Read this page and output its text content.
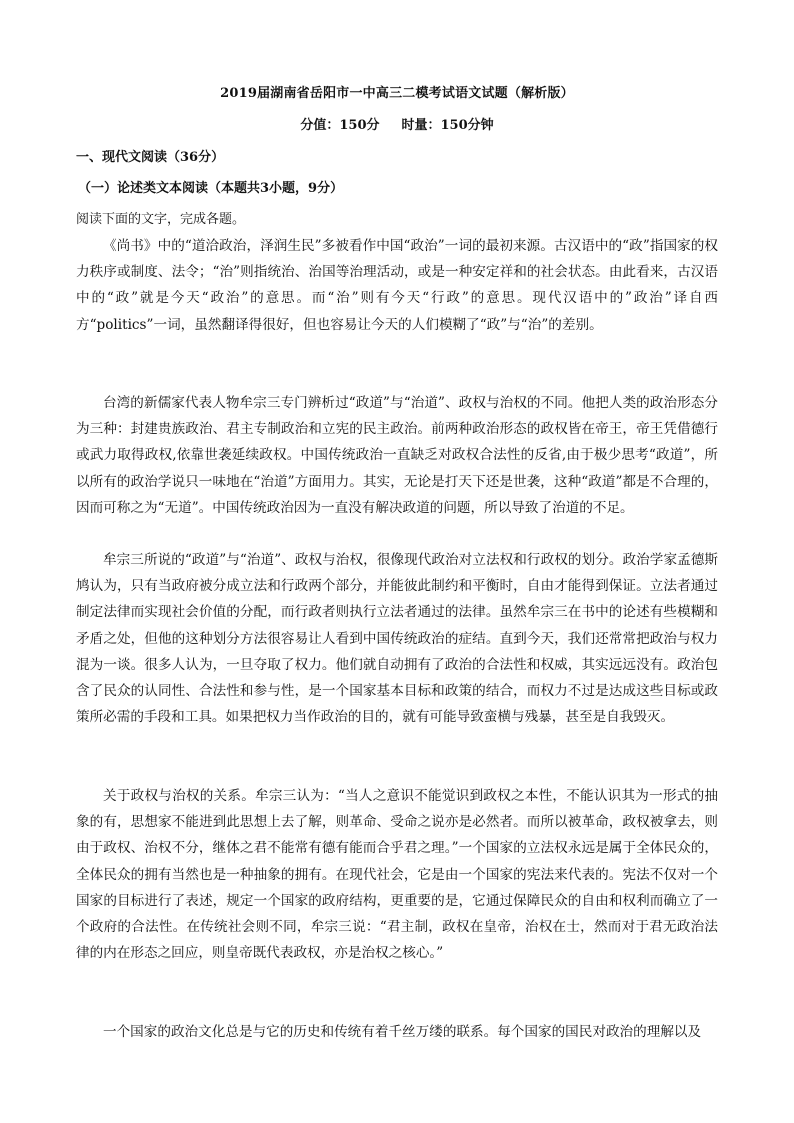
2019届湖南省岳阳市一中高三二模考试语文试题（解析版）
分值：150分 时量：150分钟
一、现代文阅读（36分）
（一）论述类文本阅读（本题共3小题，9分）
阅读下面的文字，完成各题。

《尚书》中的“道洽政治，泽润生民”多被看作中国“政治”一词的最初来源。古汉语中的“政”指国家的权力秩序或制度、法令；“治”则指统治、治国等治理活动，或是一种安定祥和的社会状态。由此看来，古汉语中的“政”就是今天“政治”的意思。而“治”则有今天“行政”的意思。现代汉语中的”政治”译自西方“politics”一词，虽然翻译得很好，但也容易让今天的人们模糊了“政”与“治”的差别。

台湾的新儒家代表人物牟宗三专门辨析过“政道”与“治道”、政权与治权的不同。他把人类的政治形态分为三种：封建贵族政治、君主专制政治和立宪的民主政治。前两种政治形态的政权皆在帝王，帝王凭借德行或武力取得政权,依靠世袭延续政权。中国传统政治一直缺乏对政权合法性的反省,由于极少思考“政道”，所以所有的政治学说只一味地在“治道”方面用力。其实，无论是打天下还是世袭，这种“政道”都是不合理的，因而可称之为“无道”。中国传统政治因为一直没有解决政道的问题，所以导致了治道的不足。

牟宗三所说的“政道”与“治道”、政权与治权，很像现代政治对立法权和行政权的划分。政治学家孟德斯鸠认为，只有当政府被分成立法和行政两个部分，并能彼此制约和平衡时，自由才能得到保证。立法者通过制定法律而实现社会价值的分配，而行政者则执行立法者通过的法律。虽然牟宗三在书中的论述有些模糊和矛盾之处，但他的这种划分方法很容易让人看到中国传统政治的症结。直到今天，我们还常常把政治与权力混为一谈。很多人认为，一旦夺取了权力。他们就自动拥有了政治的合法性和权威，其实远远没有。政治包含了民众的认同性、合法性和参与性，是一个国家基本目标和政策的结合，而权力不过是达成这些目标或政策所必需的手段和工具。如果把权力当作政治的目的，就有可能导致蛮横与残暴，甚至是自我毁灭。

关于政权与治权的关系。牟宗三认为：“当人之意识不能觉识到政权之本性，不能认识其为一形式的抽象的有，思想家不能进到此思想上去了解，则革命、受命之说亦是必然者。而所以被革命，政权被拿去，则由于政权、治权不分，继体之君不能常有德有能而合乎君之理。”一个国家的立法权永远是属于全体民众的，全体民众的拥有当然也是一种抽象的拥有。在现代社会，它是由一个国家的宪法来代表的。宪法不仅对一个国家的目标进行了表述，规定一个国家的政府结构，更重要的是，它通过保障民众的自由和权利而确立了一个政府的合法性。在传统社会则不同，牟宗三说：“君主制，政权在皇帝，治权在士，然而对于君无政治法律的内在形态之回应，则皇帝既代表政权，亦是治权之核心。”

一个国家的政治文化总是与它的历史和传统有着千丝万缕的联系。每个国家的国民对政治的理解以及
